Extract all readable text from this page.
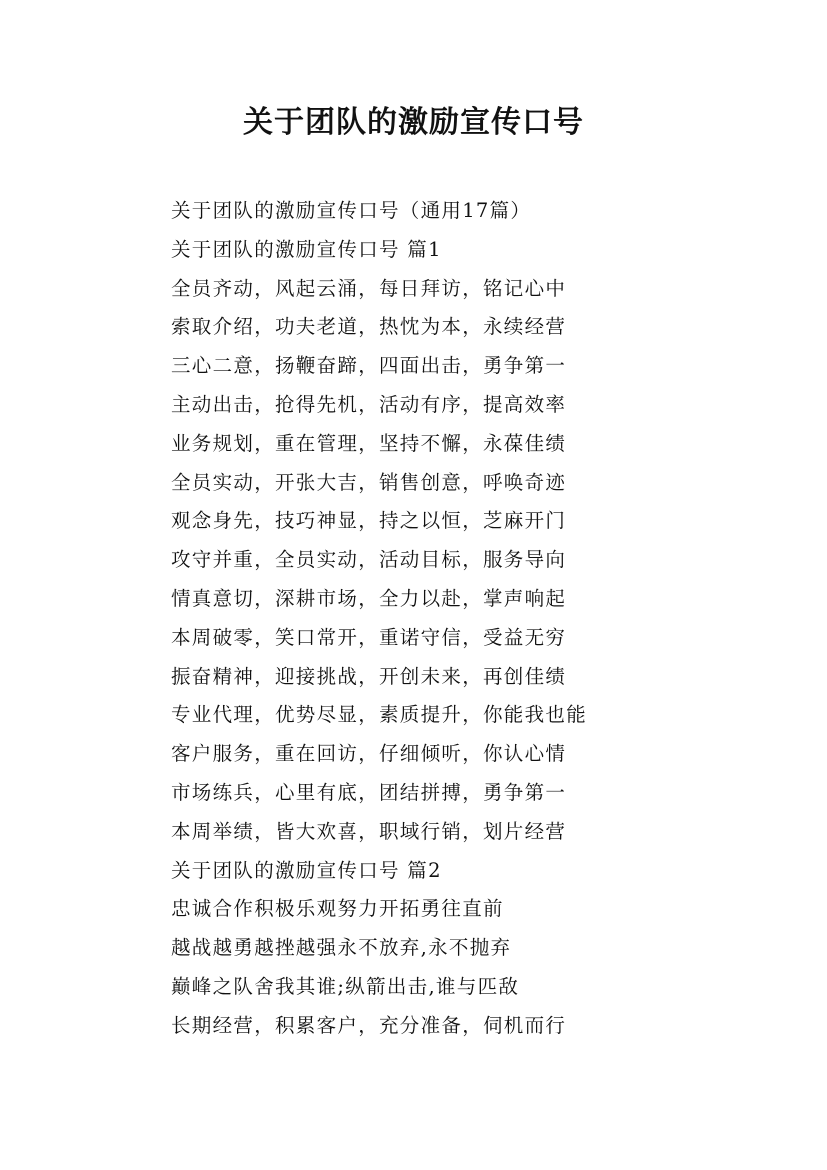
关于团队的激励宣传口号
关于团队的激励宣传口号（通用17篇）
关于团队的激励宣传口号 篇1
全员齐动，风起云涌，每日拜访，铭记心中
索取介绍，功夫老道，热忱为本，永续经营
三心二意，扬鞭奋蹄，四面出击，勇争第一
主动出击，抢得先机，活动有序，提高效率
业务规划，重在管理，坚持不懈，永葆佳绩
全员实动，开张大吉，销售创意，呼唤奇迹
观念身先，技巧神显，持之以恒，芝麻开门
攻守并重，全员实动，活动目标，服务导向
情真意切，深耕市场，全力以赴，掌声响起
本周破零，笑口常开，重诺守信，受益无穷
振奋精神，迎接挑战，开创未来，再创佳绩
专业代理，优势尽显，素质提升，你能我也能
客户服务，重在回访，仔细倾听，你认心情
市场练兵，心里有底，团结拼搏，勇争第一
本周举绩，皆大欢喜，职域行销，划片经营
关于团队的激励宣传口号 篇2
忠诚合作积极乐观努力开拓勇往直前
越战越勇越挫越强永不放弃,永不抛弃
巅峰之队舍我其谁;纵箭出击,谁与匹敌
长期经营，积累客户，充分准备，伺机而行
